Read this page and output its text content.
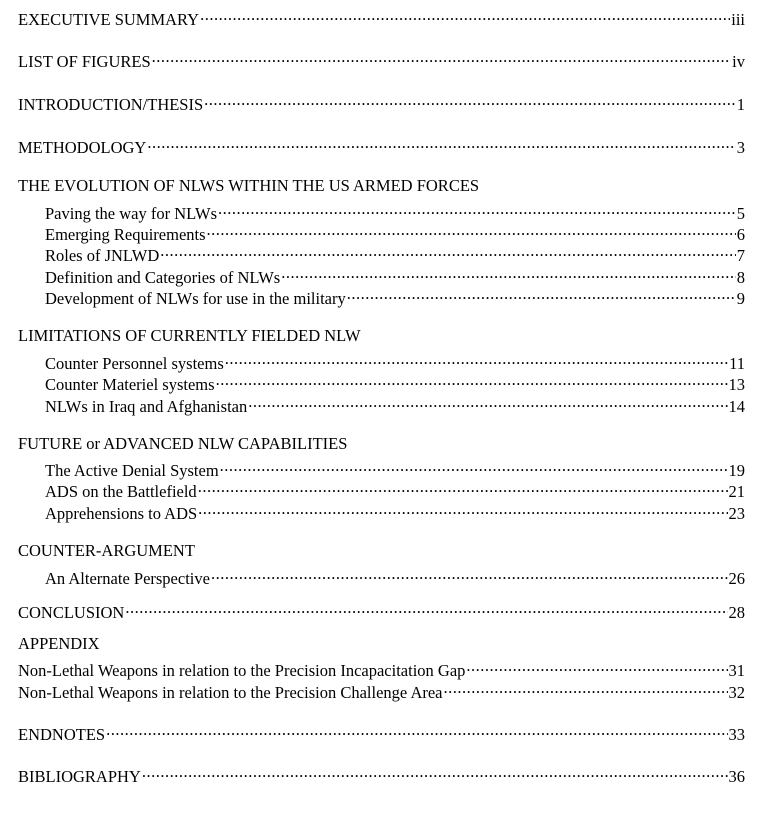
EXECUTIVE SUMMARY .....	iii
LIST OF FIGURES .....	iv
INTRODUCTION/THESIS .....	1
METHODOLOGY .....	3
THE EVOLUTION OF NLWS WITHIN THE US ARMED FORCES
Paving the way for NLWs .....	5
Emerging Requirements .....	6
Roles of JNLWD .....	7
Definition and Categories of NLWs .....	8
Development of NLWs for use in the military .....	9
LIMITATIONS OF CURRENTLY FIELDED NLW
Counter Personnel systems .....	11
Counter Materiel systems .....	13
NLWs in Iraq and Afghanistan .....	14
FUTURE or ADVANCED NLW CAPABILITIES
The Active Denial System .....	19
ADS on the Battlefield .....	21
Apprehensions to ADS .....	23
COUNTER-ARGUMENT
An Alternate Perspective .....	26
CONCLUSION .....	28
APPENDIX
Non-Lethal Weapons in relation to the Precision Incapacitation Gap .....	31
Non-Lethal Weapons in relation to the Precision Challenge Area .....	32
ENDNOTES .....	33
BIBLIOGRAPHY .....	36
